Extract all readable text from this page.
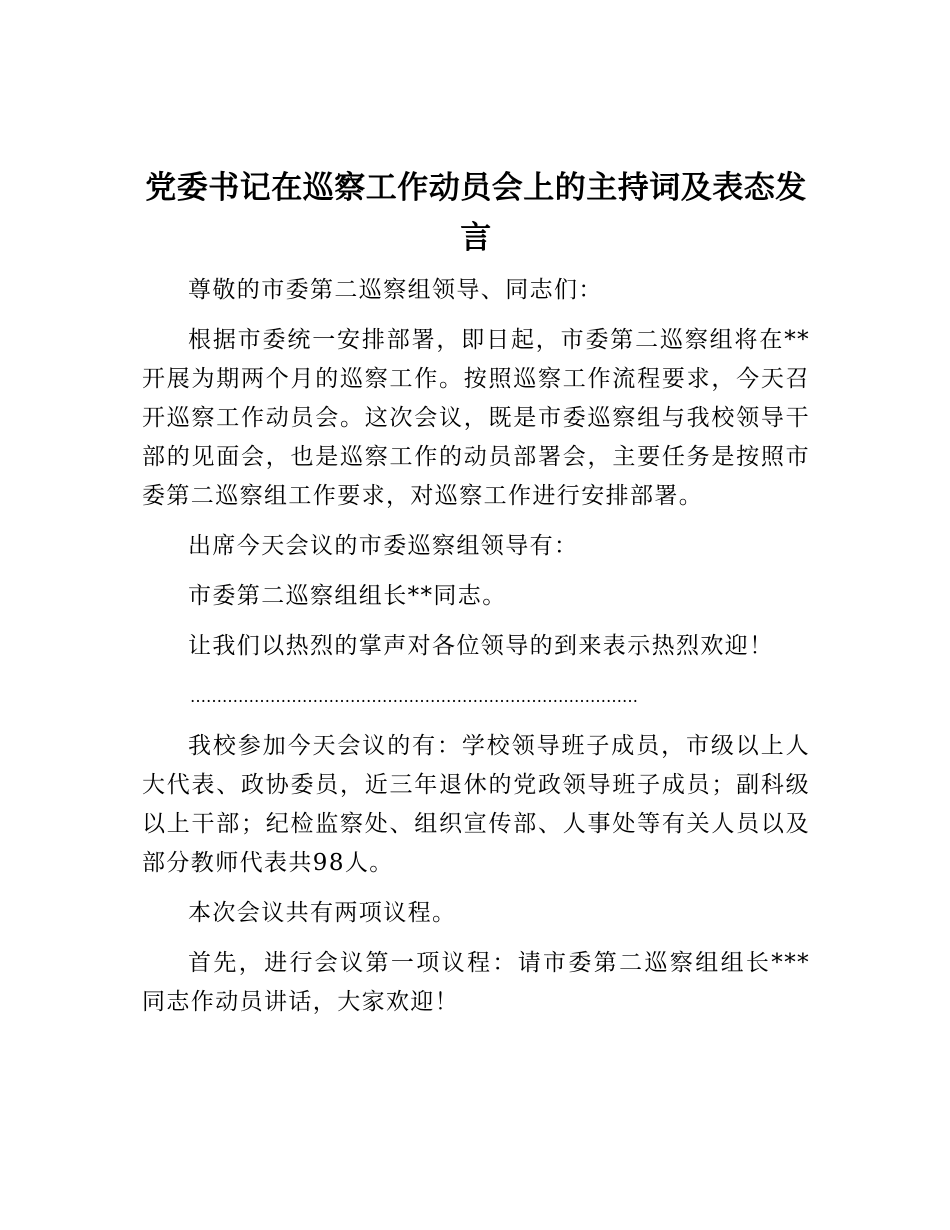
党委书记在巡察工作动员会上的主持词及表态发言

尊敬的市委第二巡察组领导、同志们：

根据市委统一安排部署，即日起，市委第二巡察组将在**开展为期两个月的巡察工作。按照巡察工作流程要求，今天召开巡察工作动员会。这次会议，既是市委巡察组与我校领导干部的见面会，也是巡察工作的动员部署会，主要任务是按照市委第二巡察组工作要求，对巡察工作进行安排部署。

出席今天会议的市委巡察组领导有：

市委第二巡察组组长**同志。

让我们以热烈的掌声对各位领导的到来表示热烈欢迎！

…………………………………………………………………………

我校参加今天会议的有：学校领导班子成员，市级以上人大代表、政协委员，近三年退休的党政领导班子成员；副科级以上干部；纪检监察处、组织宣传部、人事处等有关人员以及部分教师代表共98人。

本次会议共有两项议程。

首先，进行会议第一项议程：请市委第二巡察组组长***同志作动员讲话，大家欢迎！
